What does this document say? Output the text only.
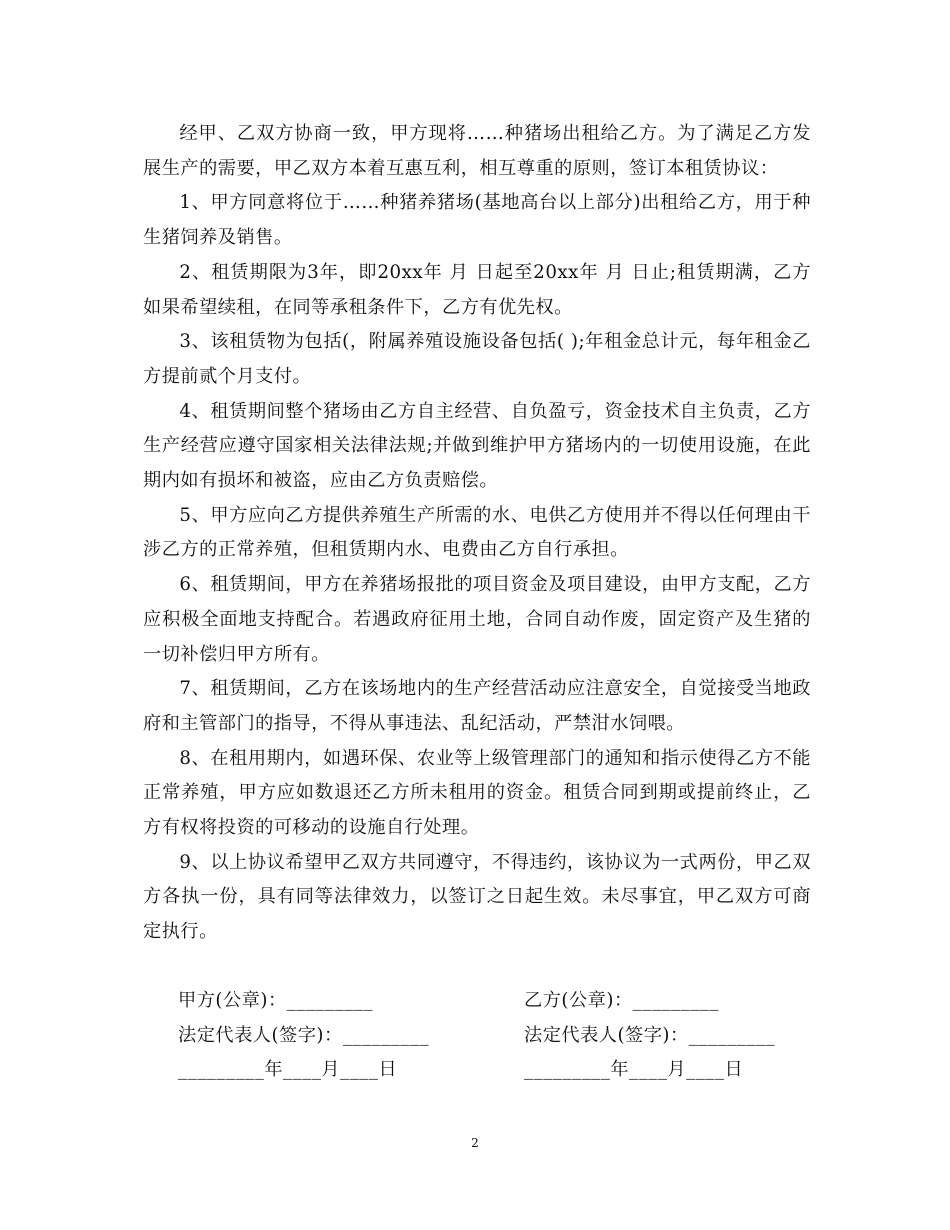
经甲、乙双方协商一致，甲方现将……种猪场出租给乙方。为了满足乙方发展生产的需要，甲乙双方本着互惠互利，相互尊重的原则，签订本租赁协议：

1、甲方同意将位于……种猪养猪场(基地高台以上部分)出租给乙方，用于种生猪饲养及销售。

2、租赁期限为3年，即20xx年 月 日起至20xx年 月 日止;租赁期满，乙方如果希望续租，在同等承租条件下，乙方有优先权。

3、该租赁物为包括(，附属养殖设施设备包括( );年租金总计元，每年租金乙方提前贰个月支付。

4、租赁期间整个猪场由乙方自主经营、自负盈亏，资金技术自主负责，乙方生产经营应遵守国家相关法律法规;并做到维护甲方猪场内的一切使用设施，在此期内如有损坏和被盗，应由乙方负责赔偿。

5、甲方应向乙方提供养殖生产所需的水、电供乙方使用并不得以任何理由干涉乙方的正常养殖，但租赁期内水、电费由乙方自行承担。

6、租赁期间，甲方在养猪场报批的项目资金及项目建设，由甲方支配，乙方应积极全面地支持配合。若遇政府征用土地，合同自动作废，固定资产及生猪的一切补偿归甲方所有。

7、租赁期间，乙方在该场地内的生产经营活动应注意安全，自觉接受当地政府和主管部门的指导，不得从事违法、乱纪活动，严禁泔水饲喂。

8、在租用期内，如遇环保、农业等上级管理部门的通知和指示使得乙方不能正常养殖，甲方应如数退还乙方所未租用的资金。租赁合同到期或提前终止，乙方有权将投资的可移动的设施自行处理。

9、以上协议希望甲乙双方共同遵守，不得违约，该协议为一式两份，甲乙双方各执一份，具有同等法律效力，以签订之日起生效。未尽事宜，甲乙双方可商定执行。

甲方(公章)：_________	乙方(公章)：_________
法定代表人(签字)：_________	法定代表人(签字)：_________
_________年____月____日	_________年____月____日
2
